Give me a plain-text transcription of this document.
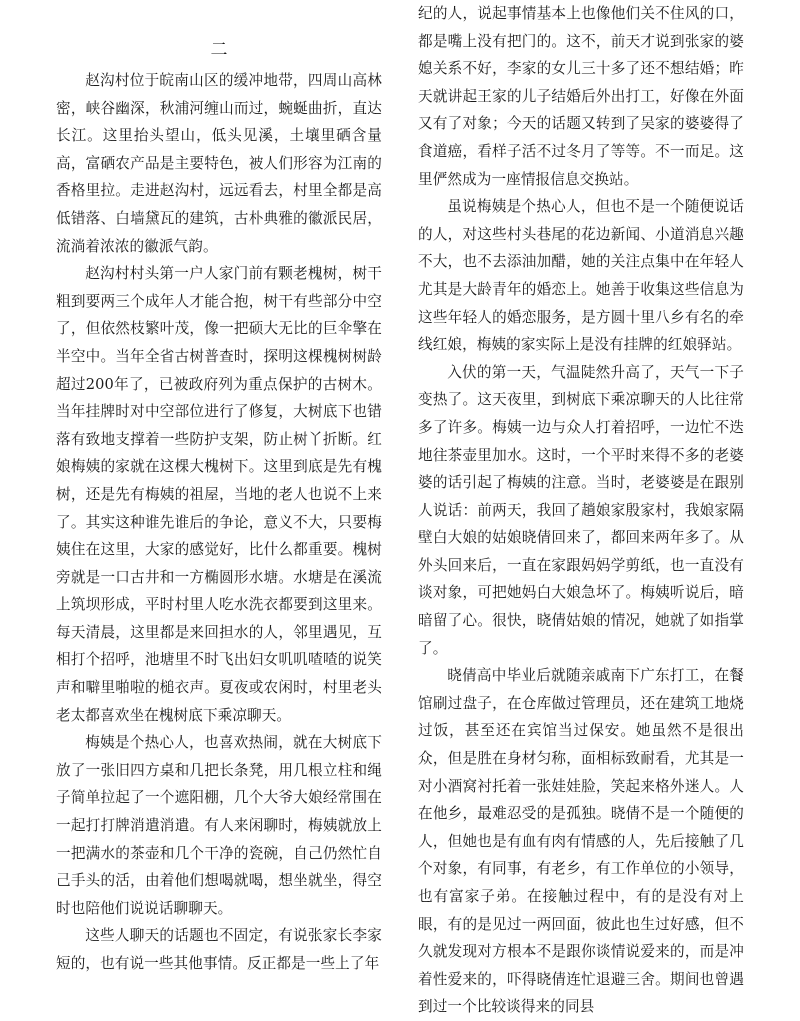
二

赵沟村位于皖南山区的缓冲地带，四周山高林密，峡谷幽深，秋浦河缠山而过，蜿蜒曲折，直达长江。这里抬头望山，低头见溪，土壤里硒含量高，富硒农产品是主要特色，被人们形容为江南的香格里拉。走进赵沟村，远远看去，村里全都是高低错落、白墙黛瓦的建筑，古朴典雅的徽派民居，流淌着浓浓的徽派气韵。

赵沟村村头第一户人家门前有颗老槐树，树干粗到要两三个成年人才能合抱，树干有些部分中空了，但依然枝繁叶茂，像一把硕大无比的巨伞擎在半空中。当年全省古树普查时，探明这棵槐树树龄超过200年了，已被政府列为重点保护的古树木。当年挂牌时对中空部位进行了修复，大树底下也错落有致地支撑着一些防护支架，防止树丫折断。红娘梅姨的家就在这棵大槐树下。这里到底是先有槐树，还是先有梅姨的祖屋，当地的老人也说不上来了。其实这种谁先谁后的争论，意义不大，只要梅姨住在这里，大家的感觉好，比什么都重要。槐树旁就是一口古井和一方椭圆形水塘。水塘是在溪流上筑坝形成，平时村里人吃水洗衣都要到这里来。每天清晨，这里都是来回担水的人，邻里遇见，互相打个招呼，池塘里不时飞出妇女叽叽喳喳的说笑声和噼里啪啦的槌衣声。夏夜或农闲时，村里老头老太都喜欢坐在槐树底下乘凉聊天。

梅姨是个热心人，也喜欢热闹，就在大树底下放了一张旧四方桌和几把长条凳，用几根立柱和绳子简单拉起了一个遮阳棚，几个大爷大娘经常围在一起打打牌消遣消遣。有人来闲聊时，梅姨就放上一把满水的茶壶和几个干净的瓷碗，自己仍然忙自己手头的活，由着他们想喝就喝，想坐就坐，得空时也陪他们说说话聊聊天。

这些人聊天的话题也不固定，有说张家长李家短的，也有说一些其他事情。反正都是一些上了年

纪的人，说起事情基本上也像他们关不住风的口，都是嘴上没有把门的。这不，前天才说到张家的婆媳关系不好，李家的女儿三十多了还不想结婚；昨天就讲起王家的儿子结婚后外出打工，好像在外面又有了对象；今天的话题又转到了吴家的婆婆得了食道癌，看样子活不过冬月了等等。不一而足。这里俨然成为一座情报信息交换站。

虽说梅姨是个热心人，但也不是一个随便说话的人，对这些村头巷尾的花边新闻、小道消息兴趣不大，也不去添油加醋，她的关注点集中在年轻人尤其是大龄青年的婚恋上。她善于收集这些信息为这些年轻人的婚恋服务，是方圆十里八乡有名的牵线红娘，梅姨的家实际上是没有挂牌的红娘驿站。

入伏的第一天，气温陡然升高了，天气一下子变热了。这天夜里，到树底下乘凉聊天的人比往常多了许多。梅姨一边与众人打着招呼，一边忙不迭地往茶壶里加水。这时，一个平时来得不多的老婆婆的话引起了梅姨的注意。当时，老婆婆是在跟别人说话：前两天，我回了趟娘家殷家村，我娘家隔壁白大娘的姑娘晓倩回来了，都回来两年多了。从外头回来后，一直在家跟妈妈学剪纸，也一直没有谈对象，可把她妈白大娘急坏了。梅姨听说后，暗暗留了心。很快，晓倩姑娘的情况，她就了如指掌了。

晓倩高中毕业后就随亲戚南下广东打工，在餐馆刷过盘子，在仓库做过管理员，还在建筑工地烧过饭，甚至还在宾馆当过保安。她虽然不是很出众，但是胜在身材匀称，面相标致耐看，尤其是一对小酒窝衬托着一张娃娃脸，笑起来格外迷人。人在他乡，最难忍受的是孤独。晓倩不是一个随便的人，但她也是有血有肉有情感的人，先后接触了几个对象，有同事，有老乡，有工作单位的小领导，也有富家子弟。在接触过程中，有的是没有对上眼，有的是见过一两回面，彼此也生过好感，但不久就发现对方根本不是跟你谈情说爱来的，而是冲着性爱来的，吓得晓倩连忙退避三舍。期间也曾遇到过一个比较谈得来的同县
